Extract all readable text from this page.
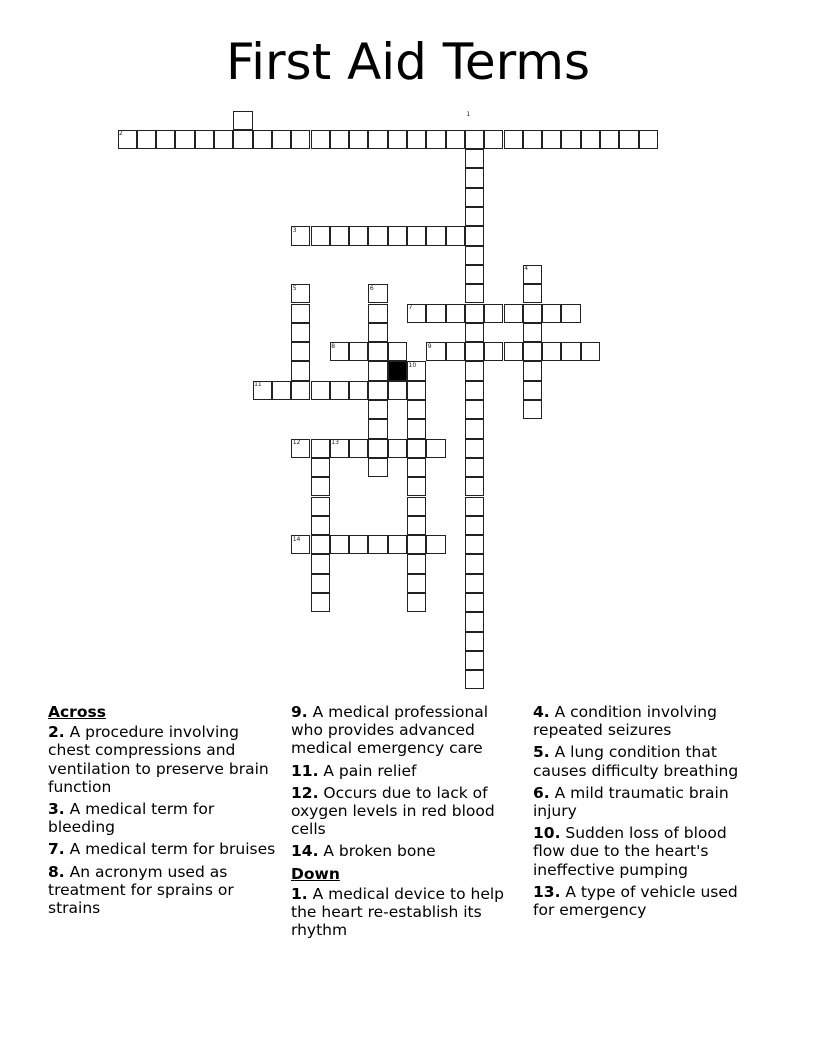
First Aid Terms
1
2
3
4
5	6
7
8	9
10
11
12	13
14
Across
2. A procedure involving chest compressions and ventilation to preserve brain function
3. A medical term for bleeding
7. A medical term for bruises
8. An acronym used as treatment for sprains or strains
9. A medical professional who provides advanced medical emergency care
11. A pain relief
12. Occurs due to lack of oxygen levels in red blood cells
14. A broken bone
Down
1. A medical device to help the heart re-establish its rhythm
4. A condition involving repeated seizures
5. A lung condition that causes difficulty breathing
6. A mild traumatic brain injury
10. Sudden loss of blood flow due to the heart's ineffective pumping
13. A type of vehicle used for emergency
